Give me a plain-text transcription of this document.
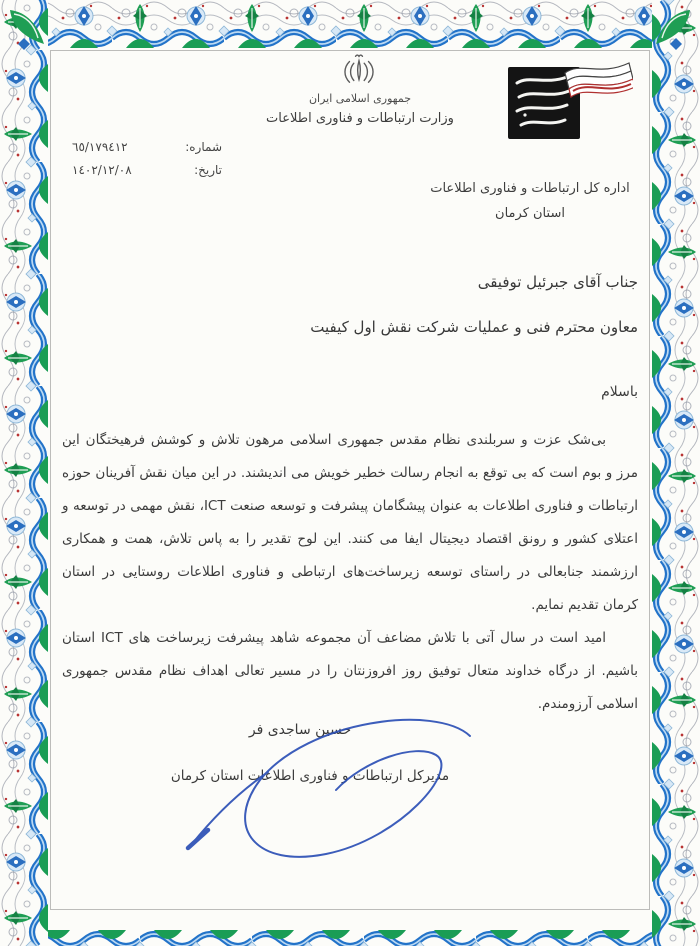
جمهوری اسلامی ایران
وزارت ارتباطات و فناوری اطلاعات
شماره:
٦٥/١٧٩٤١٢
تاریخ:
١٤٠٢/١٢/٠٨
اداره کل ارتباطات و فناوری اطلاعات
استان کرمان
جناب آقای جبرئیل توفیقی
معاون محترم فنی و عملیات شرکت نقش اول کیفیت
باسلام

بی‌شک عزت و سربلندی نظام مقدس جمهوری اسلامی مرهون تلاش و کوشش فرهیختگان این مرز و بوم است که بی توقع به انجام رسالت خطیر خویش می اندیشند. در این میان نقش آفرینان حوزه ارتباطات و فناوری اطلاعات به عنوان پیشگامان پیشرفت و توسعه صنعت ICT، نقش مهمی در توسعه و اعتلای کشور و رونق اقتصاد دیجیتال ایفا می کنند. این لوح تقدیر را به پاس تلاش، همت و همکاری ارزشمند جنابعالی در راستای توسعه زیرساخت‌های ارتباطی و فناوری اطلاعات روستایی در استان کرمان تقدیم نمایم.

امید است در سال آتی با تلاش مضاعف آن مجموعه شاهد پیشرفت زیرساخت های ICT استان باشیم. از درگاه خداوند متعال توفیق روز افروزنتان را در مسیر تعالی اهداف نظام مقدس جمهوری اسلامی آرزومندم.

حسین ساجدی فر
مدیرکل ارتباطات و فناوری اطلاعات استان کرمان
